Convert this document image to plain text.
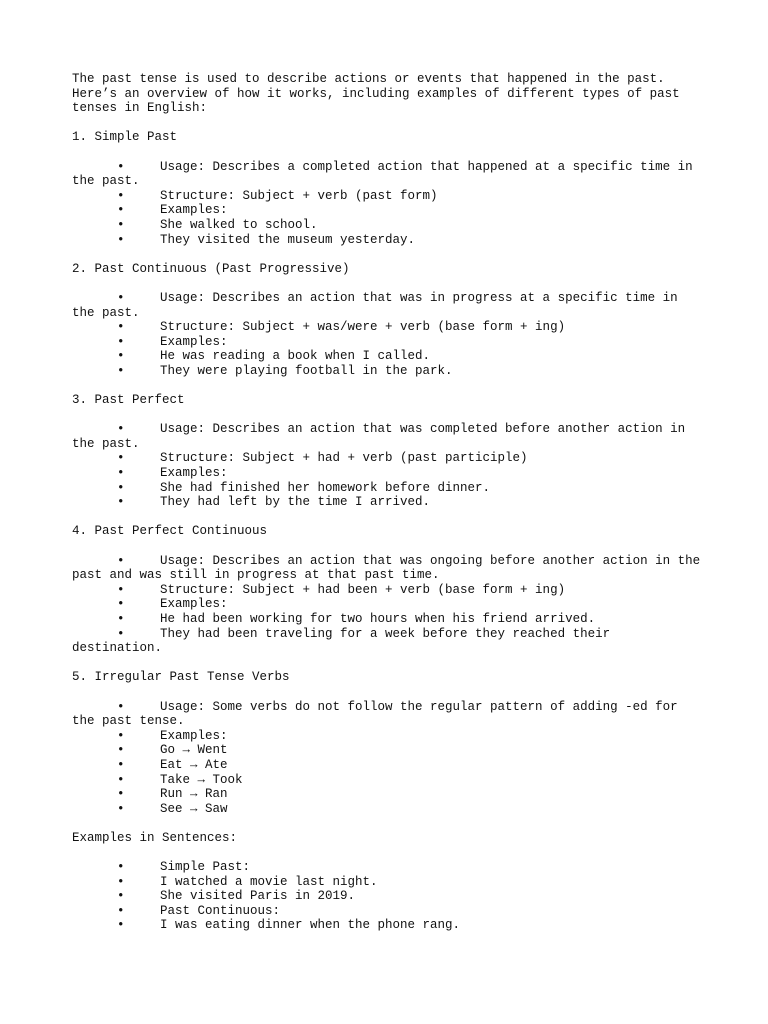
The past tense is used to describe actions or events that happened in the past. Here’s an overview of how it works, including examples of different types of past tenses in English:

1. Simple Past

•	Usage: Describes a completed action that happened at a specific time in the past.
•	Structure: Subject + verb (past form)
•	Examples:
•	She walked to school.
•	They visited the museum yesterday.

2. Past Continuous (Past Progressive)

•	Usage: Describes an action that was in progress at a specific time in the past.
•	Structure: Subject + was/were + verb (base form + ing)
•	Examples:
•	He was reading a book when I called.
•	They were playing football in the park.

3. Past Perfect

•	Usage: Describes an action that was completed before another action in the past.
•	Structure: Subject + had + verb (past participle)
•	Examples:
•	She had finished her homework before dinner.
•	They had left by the time I arrived.

4. Past Perfect Continuous

•	Usage: Describes an action that was ongoing before another action in the past and was still in progress at that past time.
•	Structure: Subject + had been + verb (base form + ing)
•	Examples:
•	He had been working for two hours when his friend arrived.
•	They had been traveling for a week before they reached their destination.

5. Irregular Past Tense Verbs

•	Usage: Some verbs do not follow the regular pattern of adding -ed for the past tense.
•	Examples:
•	Go → Went
•	Eat → Ate
•	Take → Took
•	Run → Ran
•	See → Saw

Examples in Sentences:

•	Simple Past:
•	I watched a movie last night.
•	She visited Paris in 2019.
•	Past Continuous:
•	I was eating dinner when the phone rang.
